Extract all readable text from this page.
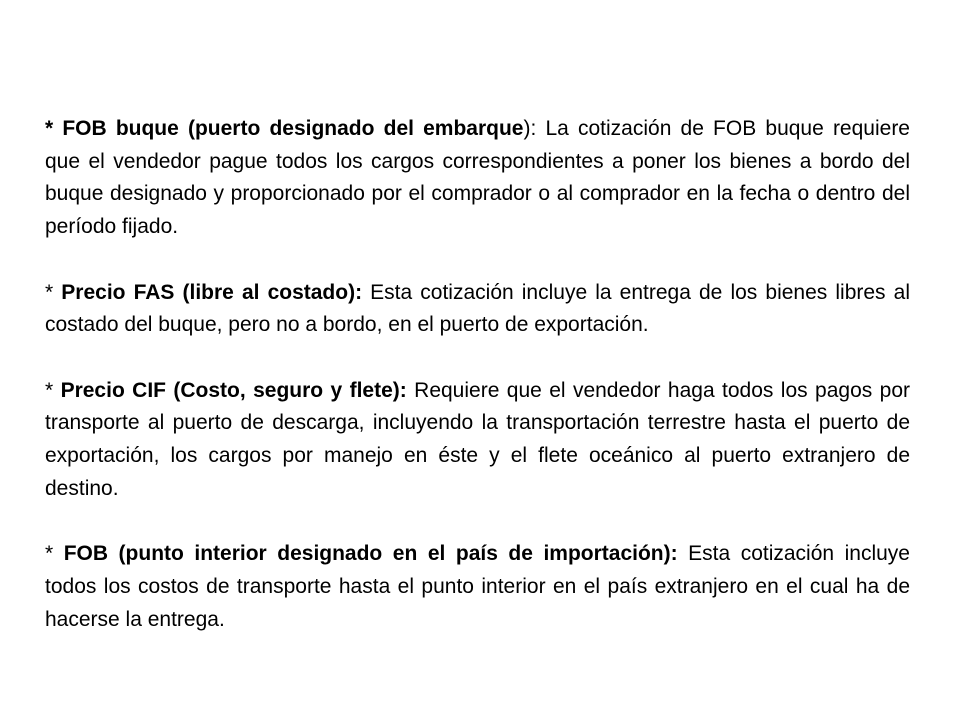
* FOB buque (puerto designado del embarque): La cotización de FOB buque requiere que el vendedor pague todos los cargos correspondientes a poner los bienes a bordo del buque designado y proporcionado por el comprador o al comprador en la fecha o dentro del período fijado.

* Precio FAS (libre al costado): Esta cotización incluye la entrega de los bienes libres al costado del buque, pero no a bordo, en el puerto de exportación.

* Precio CIF (Costo, seguro y flete): Requiere que el vendedor haga todos los pagos por transporte al puerto de descarga, incluyendo la transportación terrestre hasta el puerto de exportación, los cargos por manejo en éste y el flete oceánico al puerto extranjero de destino.

* FOB (punto interior designado en el país de importación): Esta cotización incluye todos los costos de transporte hasta el punto interior en el país extranjero en el cual ha de hacerse la entrega.
